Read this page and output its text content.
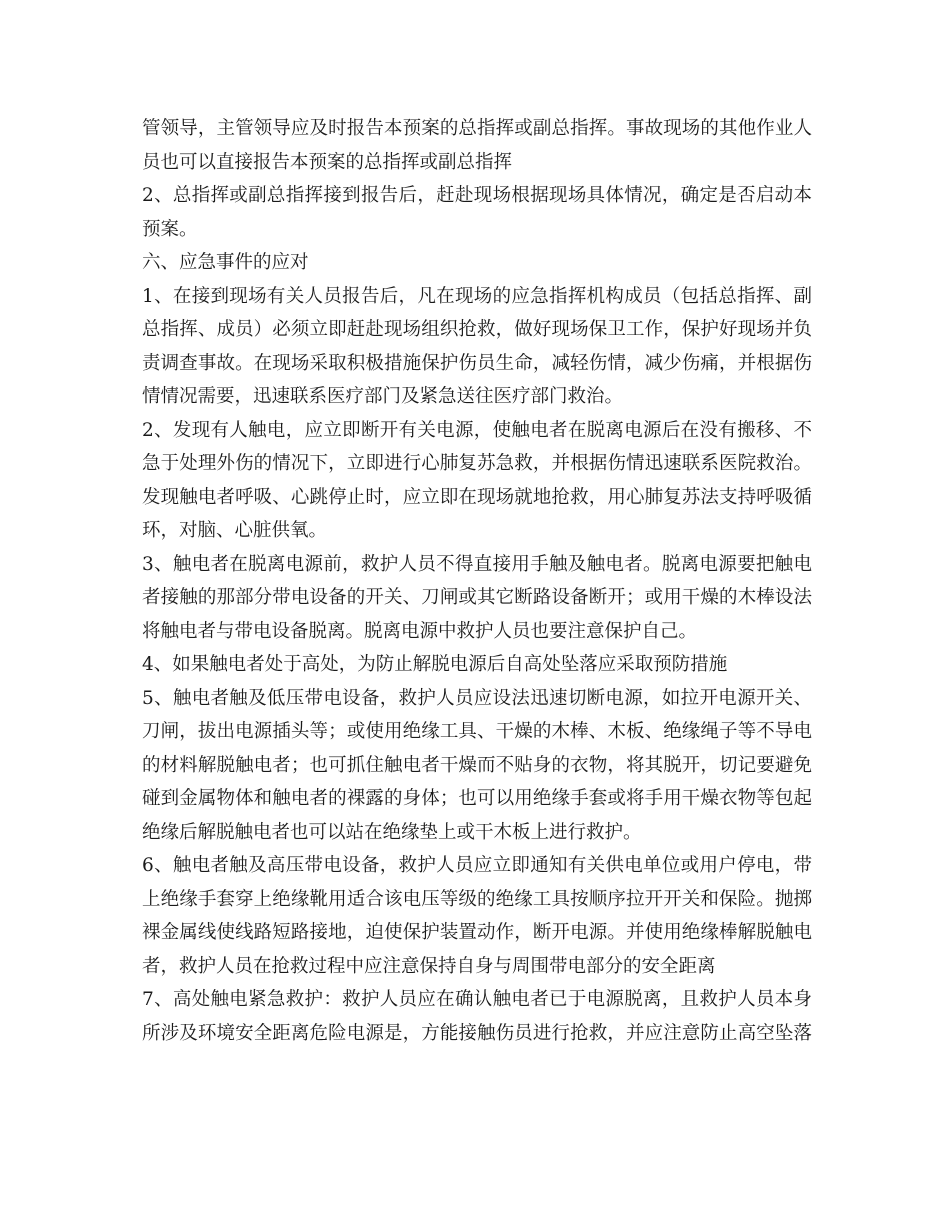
管领导，主管领导应及时报告本预案的总指挥或副总指挥。事故现场的其他作业人
员也可以直接报告本预案的总指挥或副总指挥
2、总指挥或副总指挥接到报告后，赶赴现场根据现场具体情况，确定是否启动本
预案。
六、应急事件的应对
1、在接到现场有关人员报告后，凡在现场的应急指挥机构成员（包括总指挥、副
总指挥、成员）必须立即赶赴现场组织抢救，做好现场保卫工作，保护好现场并负
责调查事故。在现场采取积极措施保护伤员生命，减轻伤情，减少伤痛，并根据伤
情情况需要，迅速联系医疗部门及紧急送往医疗部门救治。
2、发现有人触电，应立即断开有关电源，使触电者在脱离电源后在没有搬移、不
急于处理外伤的情况下，立即进行心肺复苏急救，并根据伤情迅速联系医院救治。
发现触电者呼吸、心跳停止时，应立即在现场就地抢救，用心肺复苏法支持呼吸循
环，对脑、心脏供氧。
3、触电者在脱离电源前，救护人员不得直接用手触及触电者。脱离电源要把触电
者接触的那部分带电设备的开关、刀闸或其它断路设备断开；或用干燥的木棒设法
将触电者与带电设备脱离。脱离电源中救护人员也要注意保护自己。
4、如果触电者处于高处，为防止解脱电源后自高处坠落应采取预防措施
5、触电者触及低压带电设备，救护人员应设法迅速切断电源，如拉开电源开关、
刀闸，拔出电源插头等；或使用绝缘工具、干燥的木棒、木板、绝缘绳子等不导电
的材料解脱触电者；也可抓住触电者干燥而不贴身的衣物，将其脱开，切记要避免
碰到金属物体和触电者的裸露的身体；也可以用绝缘手套或将手用干燥衣物等包起
绝缘后解脱触电者也可以站在绝缘垫上或干木板上进行救护。
6、触电者触及高压带电设备，救护人员应立即通知有关供电单位或用户停电，带
上绝缘手套穿上绝缘靴用适合该电压等级的绝缘工具按顺序拉开开关和保险。抛掷
裸金属线使线路短路接地，迫使保护装置动作，断开电源。并使用绝缘棒解脱触电
者，救护人员在抢救过程中应注意保持自身与周围带电部分的安全距离
7、高处触电紧急救护：救护人员应在确认触电者已于电源脱离，且救护人员本身
所涉及环境安全距离危险电源是，方能接触伤员进行抢救，并应注意防止高空坠落
